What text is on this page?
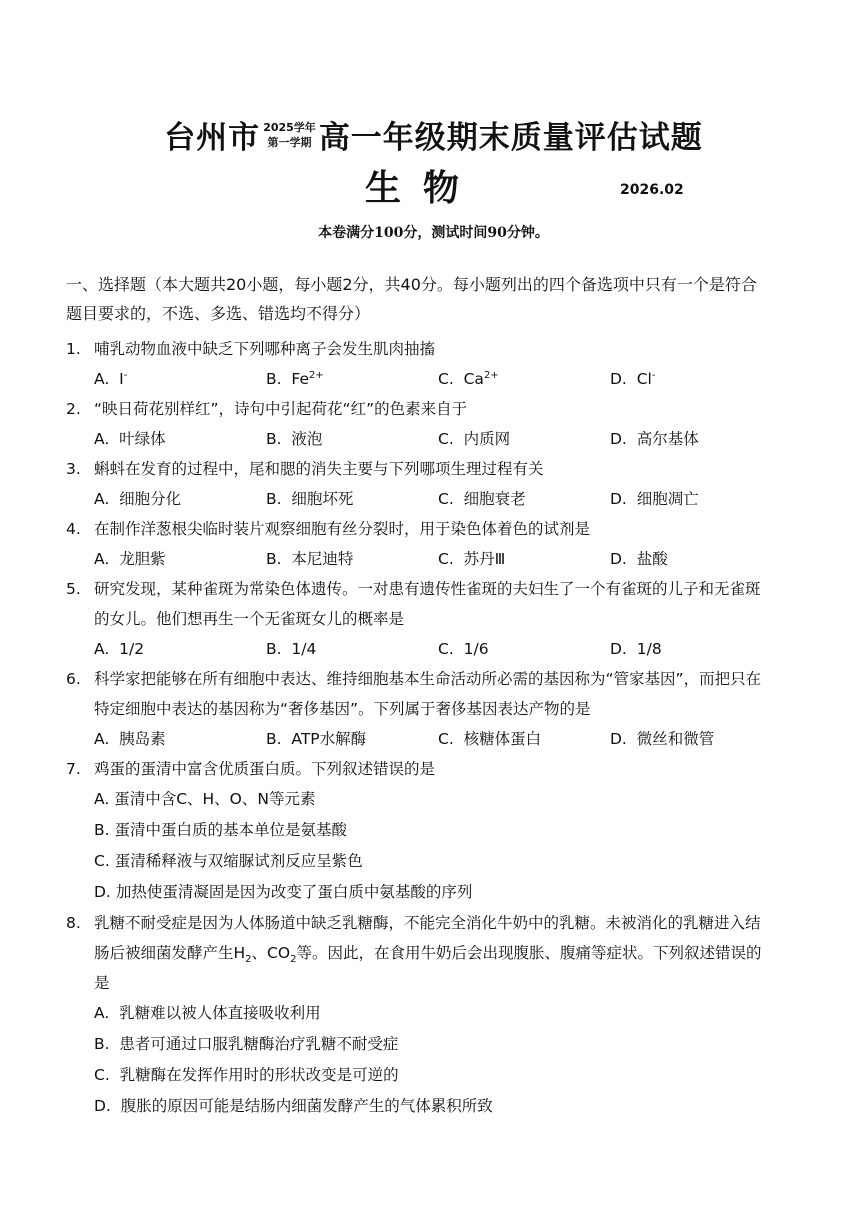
台州市 2025学年
第一学期 高一年级期末质量评估试题
生物	2026.02
本卷满分100分，测试时间90分钟。
一、选择题（本大题共20小题，每小题2分，共40分。每小题列出的四个备选项中只有一个是符合题目要求的，不选、多选、错选均不得分）
1. 哺乳动物血液中缺乏下列哪种离子会发生肌肉抽搐
A. I-	B. $Fe^{2+}$	C. $Ca^{2+}$	D. Cl-
2. “映日荷花别样红”，诗句中引起荷花“红”的色素来自于
A. 叶绿体	B. 液泡	C. 内质网	D. 高尔基体
3. 蝌蚪在发育的过程中，尾和腮的消失主要与下列哪项生理过程有关
A. 细胞分化	B. 细胞坏死	C. 细胞衰老	D. 细胞凋亡
4. 在制作洋葱根尖临时装片观察细胞有丝分裂时，用于染色体着色的试剂是
A. 龙胆紫	B. 本尼迪特	C. 苏丹Ⅲ	D. 盐酸
5. 研究发现，某种雀斑为常染色体遗传。一对患有遗传性雀斑的夫妇生了一个有雀斑的儿子和无雀斑的女儿。他们想再生一个无雀斑女儿的概率是
A. 1/2	B. 1/4	C. 1/6	D. 1/8
6. 科学家把能够在所有细胞中表达、维持细胞基本生命活动所必需的基因称为“管家基因”，而把只在特定细胞中表达的基因称为“奢侈基因”。下列属于奢侈基因表达产物的是
A. 胰岛素	B. ATP水解酶	C. 核糖体蛋白	D. 微丝和微管
7. 鸡蛋的蛋清中富含优质蛋白质。下列叙述错误的是
A. 蛋清中含C、H、O、N等元素
B. 蛋清中蛋白质的基本单位是氨基酸
C. 蛋清稀释液与双缩脲试剂反应呈紫色
D. 加热使蛋清凝固是因为改变了蛋白质中氨基酸的序列
8. 乳糖不耐受症是因为人体肠道中缺乏乳糖酶，不能完全消化牛奶中的乳糖。未被消化的乳糖进入结肠后被细菌发酵产生$H_2$、$CO_2$等。因此，在食用牛奶后会出现腹胀、腹痛等症状。下列叙述错误的是
A. 乳糖难以被人体直接吸收利用
B. 患者可通过口服乳糖酶治疗乳糖不耐受症
C. 乳糖酶在发挥作用时的形状改变是可逆的
D. 腹胀的原因可能是结肠内细菌发酵产生的气体累积所致
